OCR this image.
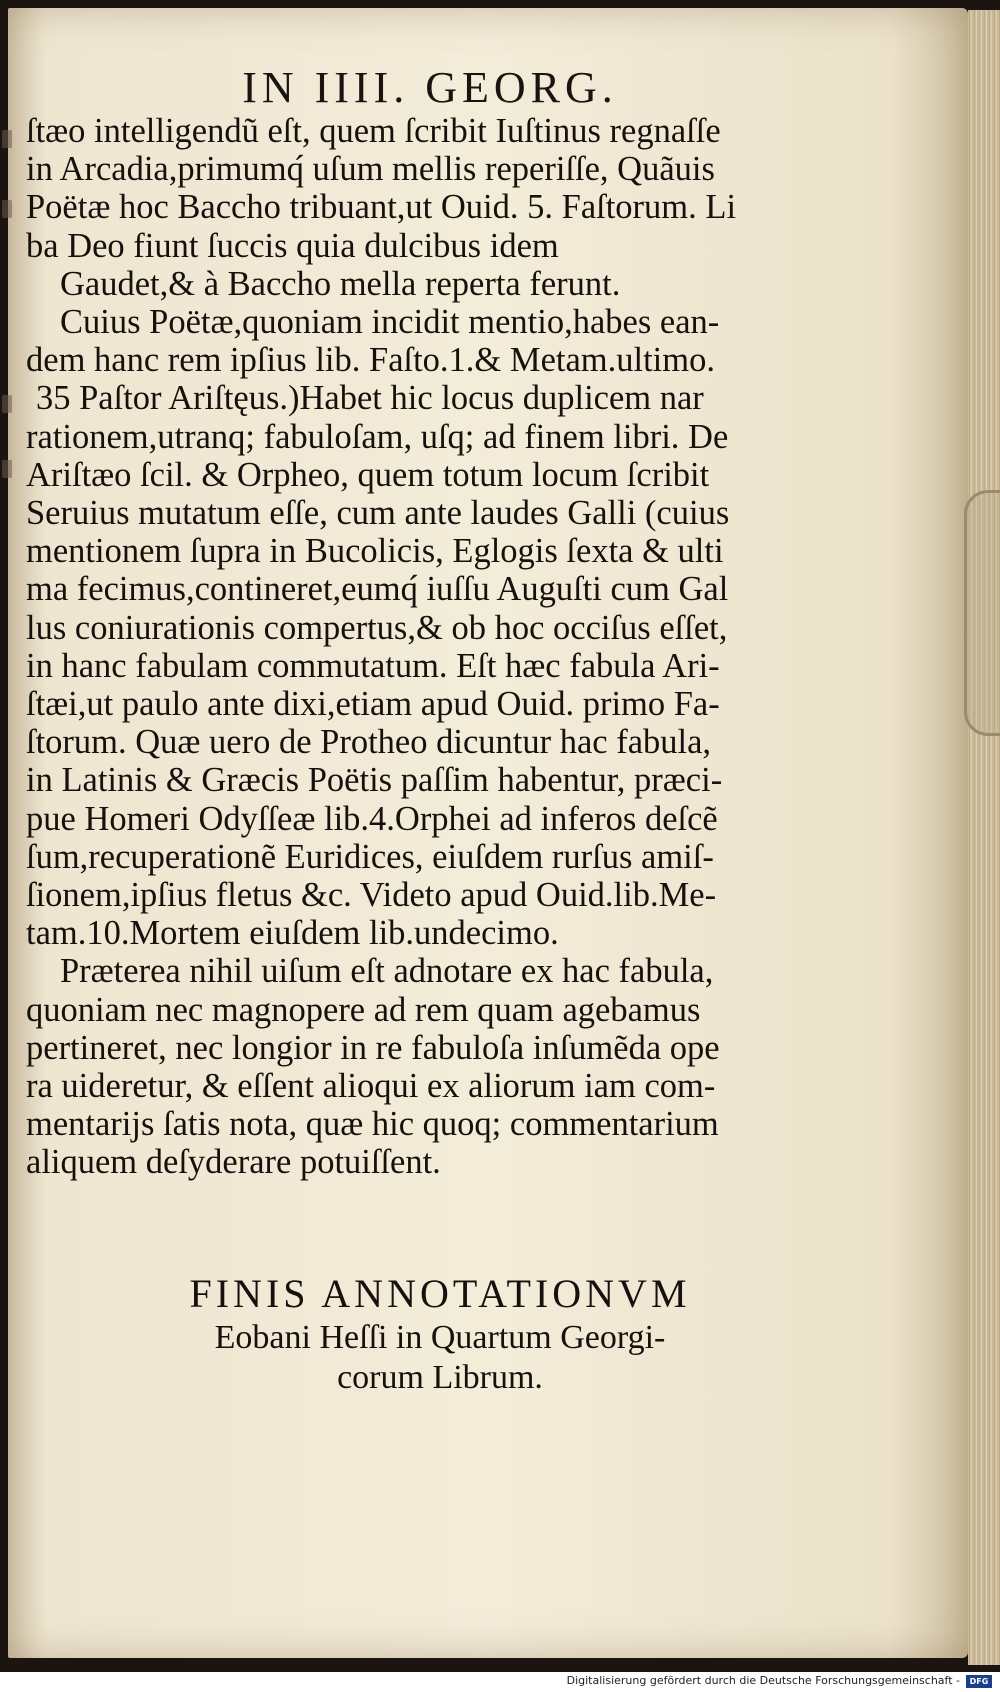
IN IIII. GEORG.
ſtæo intelligendũ eſt, quem ſcribit Iuſtinus regnaſſe
in Arcadia,primumq́ uſum mellis reperiſſe, Quãuis
Poëtæ hoc Baccho tribuant,ut Ouid. 5. Faſtorum. Li
ba Deo fiunt ſuccis quia dulcibus idem
Gaudet,& à Baccho mella reperta ferunt.
Cuius Poëtæ,quoniam incidit mentio,habes ean-
dem hanc rem ipſius lib. Faſto.1.& Metam.ultimo.
35 Paſtor Ariſtęus.)Habet hic locus duplicem nar
rationem,utranq; fabuloſam, uſq; ad finem libri. De
Ariſtæo ſcil. & Orpheo, quem totum locum ſcribit
Seruius mutatum eſſe, cum ante laudes Galli (cuius
mentionem ſupra in Bucolicis, Eglogis ſexta & ulti
ma fecimus,contineret,eumq́ iuſſu Auguſti cum Gal
lus coniurationis compertus,& ob hoc occiſus eſſet,
in hanc fabulam commutatum. Eſt hæc fabula Ari-
ſtæi,ut paulo ante dixi,etiam apud Ouid. primo Fa-
ſtorum. Quæ uero de Protheo dicuntur hac fabula,
in Latinis & Græcis Poëtis paſſim habentur, præci-
pue Homeri Odyſſeæ lib.4.Orphei ad inferos deſcẽ
ſum,recuperationẽ Euridices, eiuſdem rurſus amiſ-
ſionem,ipſius fletus &c. Videto apud Ouid.lib.Me-
tam.10.Mortem eiuſdem lib.undecimo.
Præterea nihil uiſum eſt adnotare ex hac fabula,
quoniam nec magnopere ad rem quam agebamus
pertineret, nec longior in re fabuloſa inſumẽda ope
ra uideretur, & eſſent alioqui ex aliorum iam com-
mentarijs ſatis nota, quæ hic quoq; commentarium
aliquem deſyderare potuiſſent.
FINIS ANNOTATIONVM
Eobani Heſſi in Quartum Georgi-
corum Librum.
Digitalisierung gefördert durch die Deutsche Forschungsgemeinschaft -	DFG
